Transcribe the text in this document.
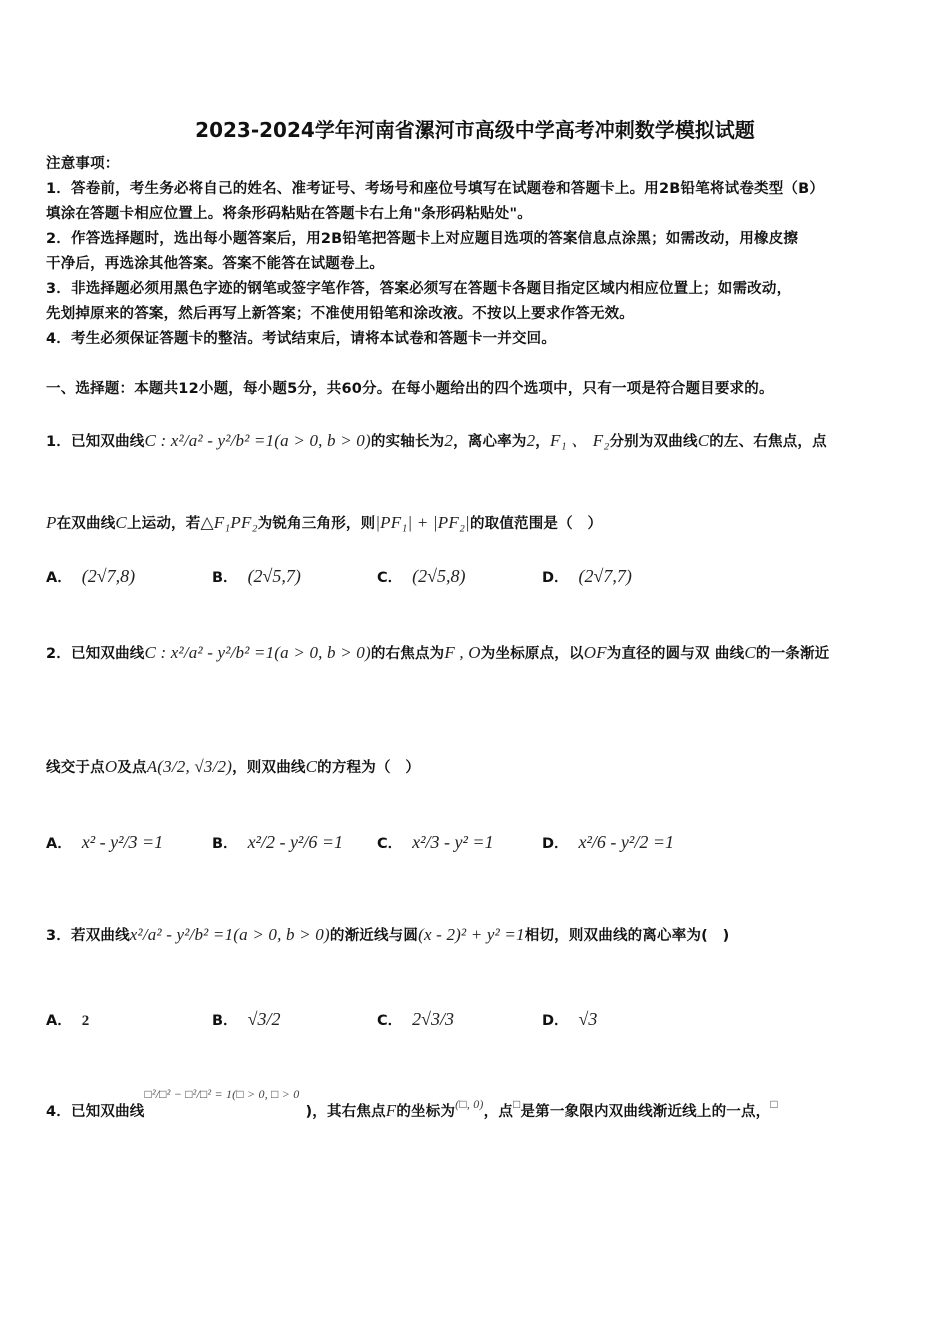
2023-2024学年河南省漯河市高级中学高考冲刺数学模拟试题
注意事项：
1．答卷前，考生务必将自己的姓名、准考证号、考场号和座位号填写在试题卷和答题卡上。用2B铅笔将试卷类型（B）
填涂在答题卡相应位置上。将条形码粘贴在答题卡右上角"条形码粘贴处"。
2．作答选择题时，选出每小题答案后，用2B铅笔把答题卡上对应题目选项的答案信息点涂黑；如需改动，用橡皮擦
干净后，再选涂其他答案。答案不能答在试题卷上。
3．非选择题必须用黑色字迹的钢笔或签字笔作答，答案必须写在答题卡各题目指定区域内相应位置上；如需改动，
先划掉原来的答案，然后再写上新答案；不准使用铅笔和涂改液。不按以上要求作答无效。
4．考生必须保证答题卡的整洁。考试结束后，请将本试卷和答题卡一并交回。
一、选择题：本题共12小题，每小题5分，共60分。在每小题给出的四个选项中，只有一项是符合题目要求的。
1．已知双曲线C : x²/a² - y²/b² =1(a > 0, b > 0)的实轴长为2，离心率为2，F₁ 、 F₂分别为双曲线C的左、右焦点，点
P在双曲线C上运动，若△F₁PF₂为锐角三角形，则|PF₁| + |PF₂|的取值范围是（　）
A． (2√7,8)	B． (2√5,7)	C． (2√5,8)	D． (2√7,7)
2．已知双曲线C : x²/a² - y²/b² =1(a > 0, b > 0)的右焦点为F , O为坐标原点，以OF为直径的圆与双 曲线C的一条渐近
线交于点O及点A(3/2, √3/2)，则双曲线C的方程为（　）
A． x² - y²/3 =1	B． x²/2 - y²/6 =1 C． x²/3 - y² =1	D． x²/6 - y²/2 =1
3．若双曲线x²/a² - y²/b² =1(a > 0, b > 0)的渐近线与圆(x - 2)² + y² =1相切，则双曲线的离心率为(　)
A． 2	B． √3/2	C． 2√3/3	D． √3
4．已知双曲线$^{□^2/□^2 - □^2/□^2 = 1(□ > 0, □ > 0}$)，其右焦点F的坐标为$^{(□, 0)}$，点□是第一象限内双曲线渐近线上的一点，□
